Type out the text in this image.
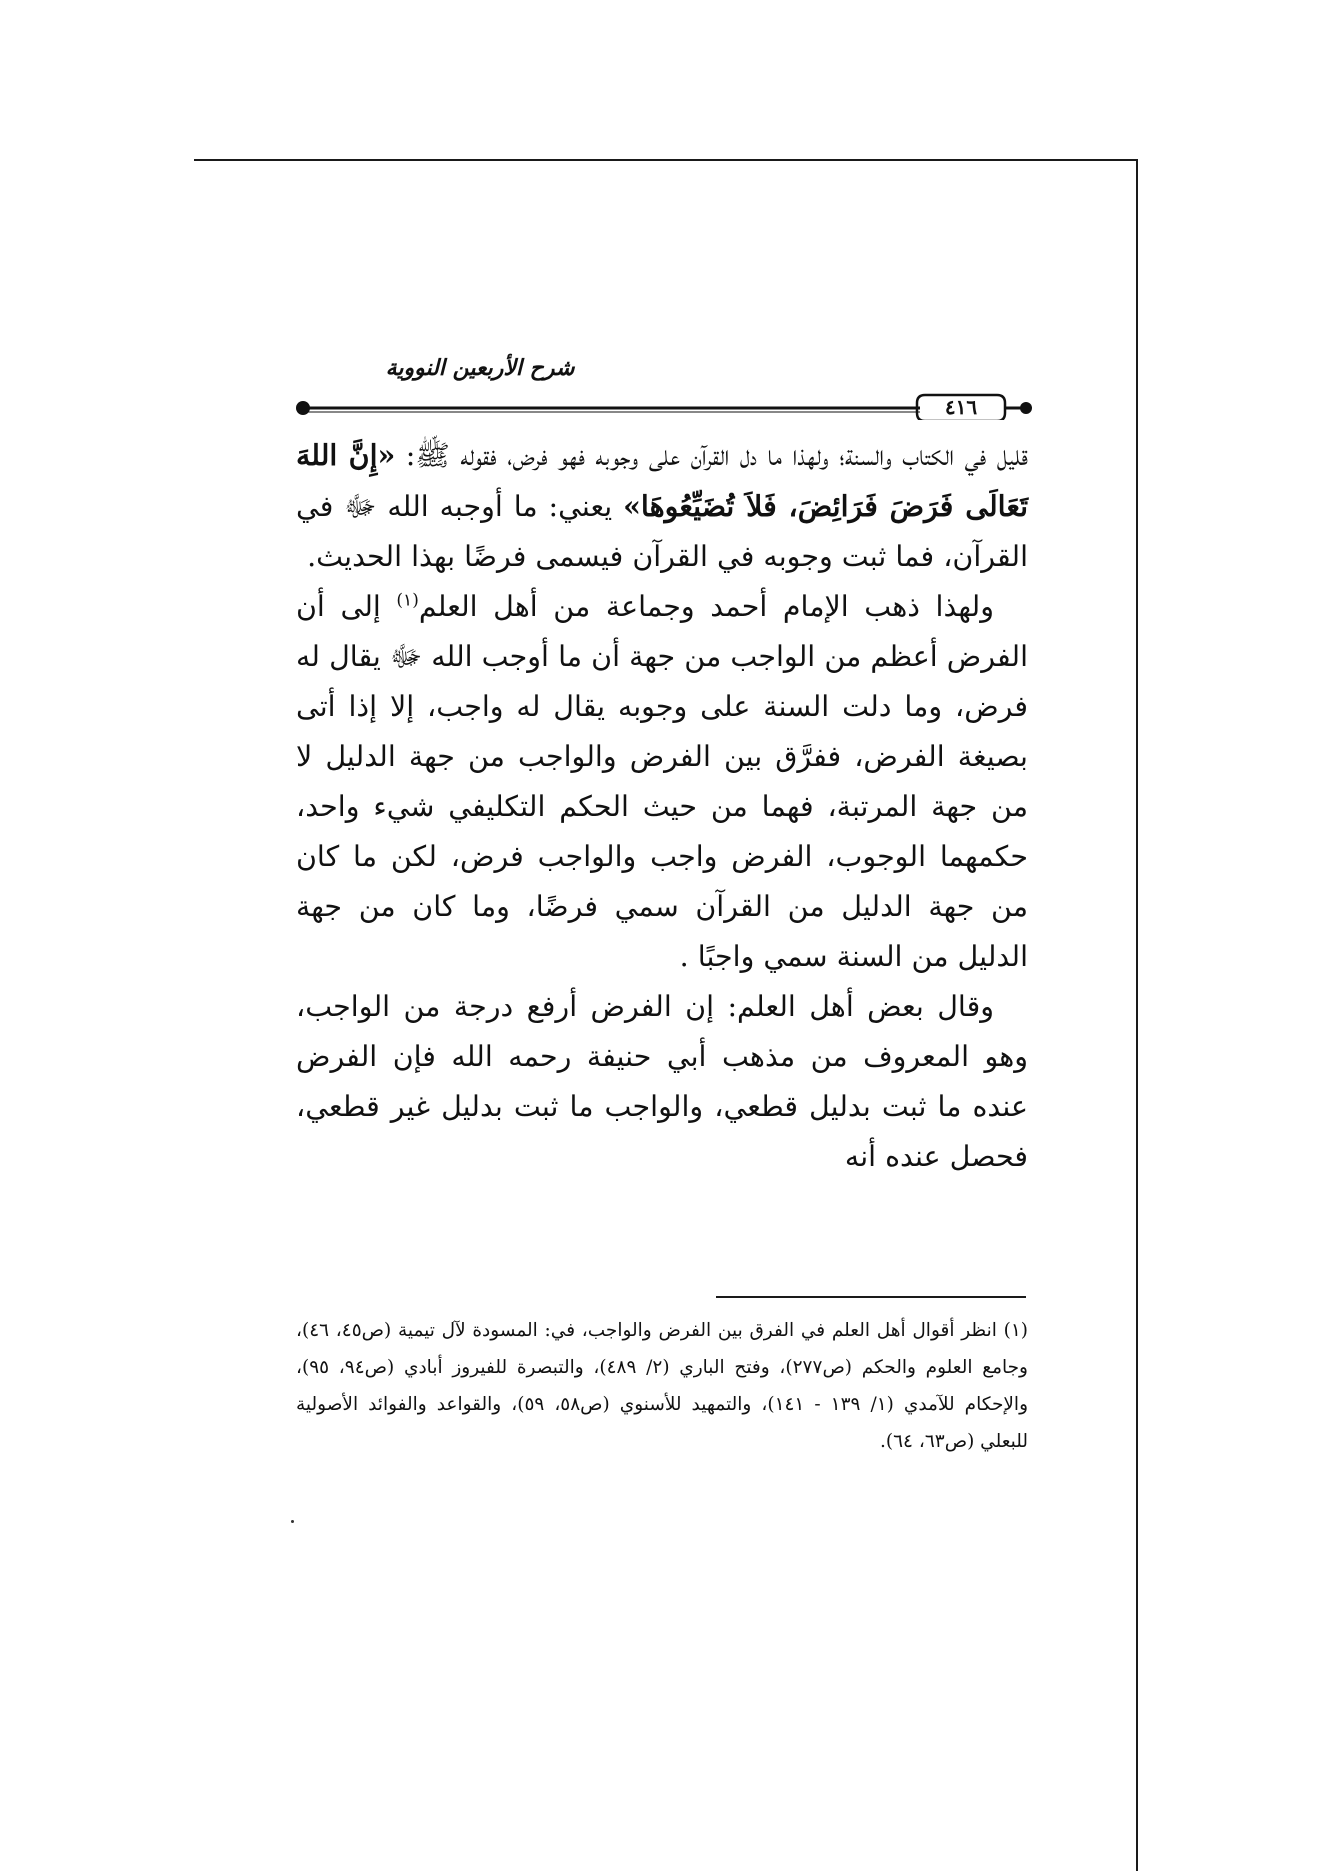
شرح الأربعين النووية
٤١٦

قليل في الكتاب والسنة؛ ولهذا ما دل القرآن على وجوبه فهو فرض، فقوله ﷺ: «إِنَّ اللهَ تَعَالَى فَرَضَ فَرَائِضَ، فَلاَ تُضَيِّعُوهَا» يعني: ما أوجبه الله ﷻ في القرآن، فما ثبت وجوبه في القرآن فيسمى فرضًا بهذا الحديث.

ولهذا ذهب الإمام أحمد وجماعة من أهل العلم$^{(١)}$ إلى أن الفرض أعظم من الواجب من جهة أن ما أوجب الله ﷻ يقال له فرض، وما دلت السنة على وجوبه يقال له واجب، إلا إذا أتى بصيغة الفرض، ففرَّق بين الفرض والواجب من جهة الدليل لا من جهة المرتبة، فهما من حيث الحكم التكليفي شيء واحد، حكمهما الوجوب، الفرض واجب والواجب فرض، لكن ما كان من جهة الدليل من القرآن سمي فرضًا، وما كان من جهة الدليل من السنة سمي واجبًا .

وقال بعض أهل العلم: إن الفرض أرفع درجة من الواجب، وهو المعروف من مذهب أبي حنيفة رحمه الله فإن الفرض عنده ما ثبت بدليل قطعي، والواجب ما ثبت بدليل غير قطعي، فحصل عنده أنه

(١) انظر أقوال أهل العلم في الفرق بين الفرض والواجب، في: المسودة لآل تيمية (ص٤٥، ٤٦)، وجامع العلوم والحكم (ص٢٧٧)، وفتح الباري (٢/ ٤٨٩)، والتبصرة للفيروز أبادي (ص٩٤، ٩٥)، والإحكام للآمدي (١/ ١٣٩ - ١٤١)، والتمهيد للأسنوي (ص٥٨، ٥٩)، والقواعد والفوائد الأصولية للبعلي (ص٦٣، ٦٤).
